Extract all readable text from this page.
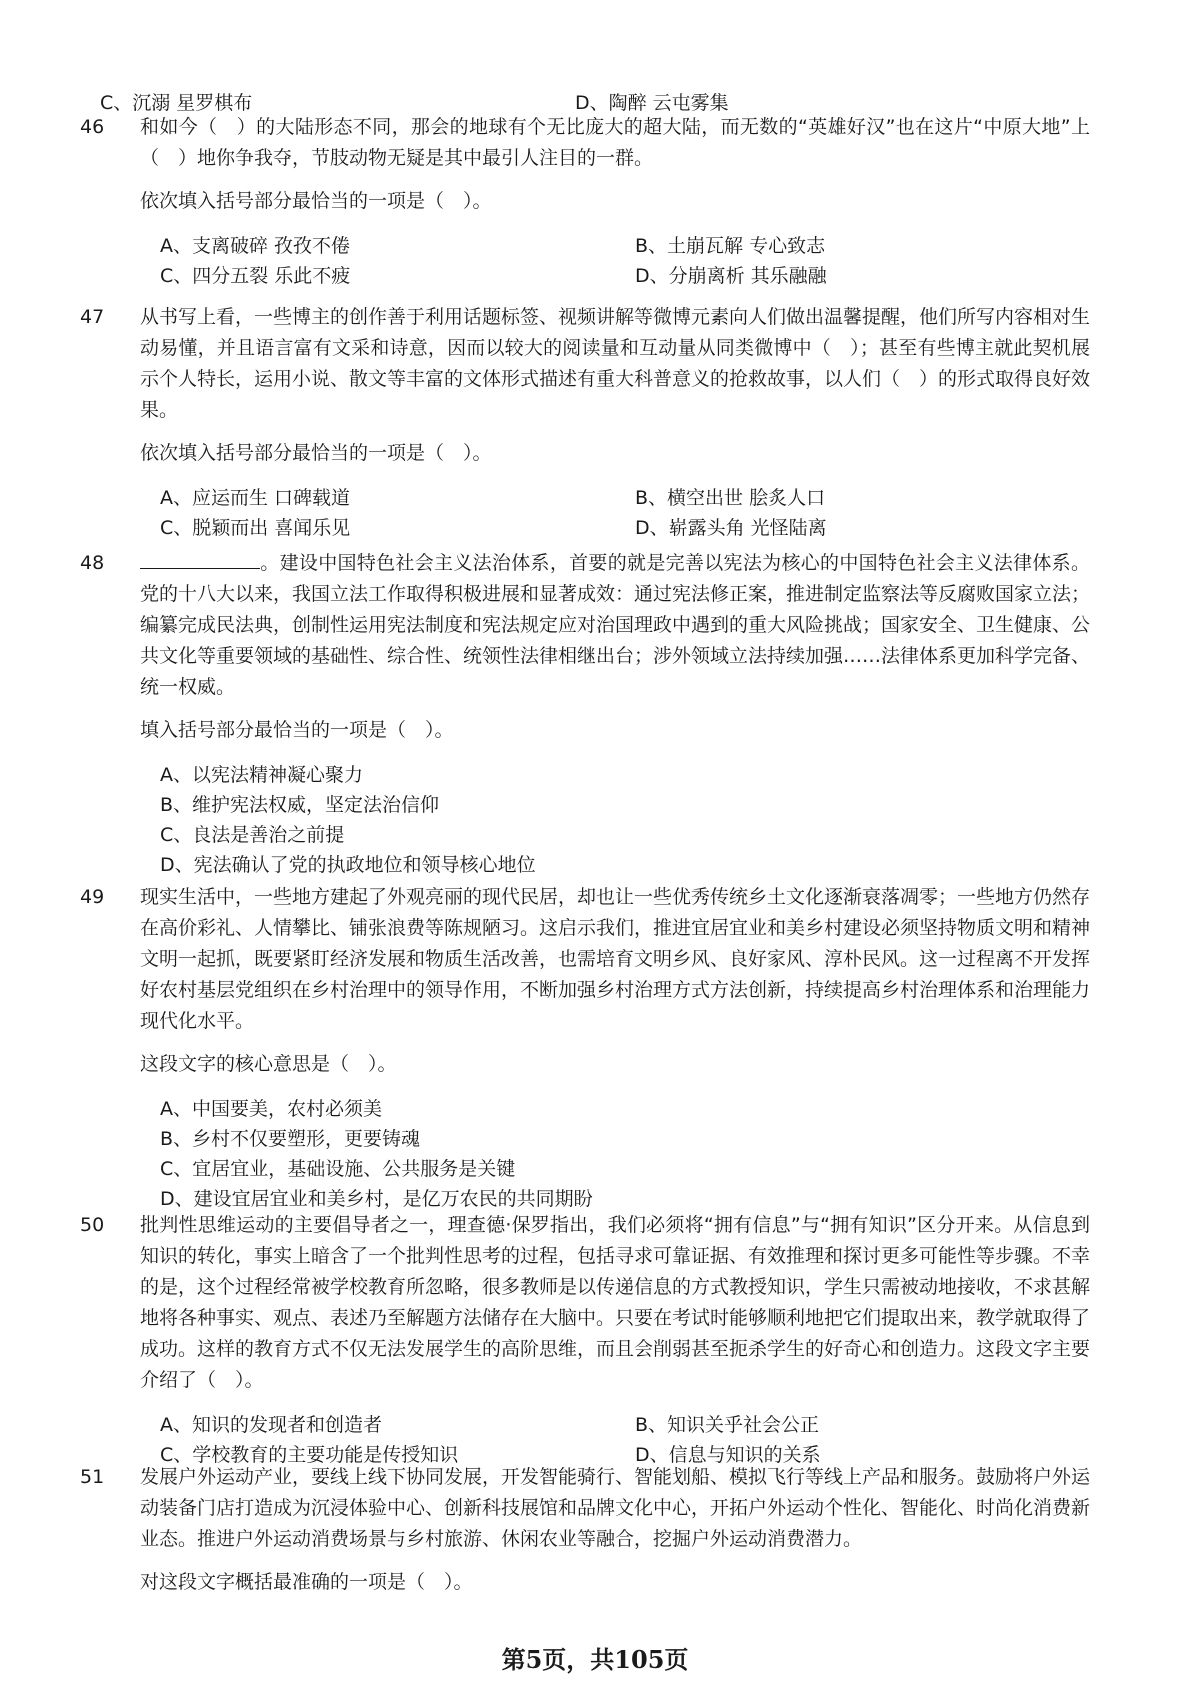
C、沉溺 星罗棋布	D、陶醉 云屯雾集
46	和如今（　）的大陆形态不同，那会的地球有个无比庞大的超大陆，而无数的“英雄好汉”也在这片“中原大地”上（　）地你争我夺，节肢动物无疑是其中最引人注目的一群。
依次填入括号部分最恰当的一项是（　）。
A、支离破碎 孜孜不倦	B、土崩瓦解 专心致志
C、四分五裂 乐此不疲	D、分崩离析 其乐融融
47	从书写上看，一些博主的创作善于利用话题标签、视频讲解等微博元素向人们做出温馨提醒，他们所写内容相对生动易懂，并且语言富有文采和诗意，因而以较大的阅读量和互动量从同类微博中（　）；甚至有些博主就此契机展示个人特长，运用小说、散文等丰富的文体形式描述有重大科普意义的抢救故事，以人们（　）的形式取得良好效果。
依次填入括号部分最恰当的一项是（　）。
A、应运而生 口碑载道	B、横空出世 脍炙人口
C、脱颖而出 喜闻乐见	D、崭露头角 光怪陆离
48	。建设中国特色社会主义法治体系，首要的就是完善以宪法为核心的中国特色社会主义法律体系。党的十八大以来，我国立法工作取得积极进展和显著成效：通过宪法修正案，推进制定监察法等反腐败国家立法；编纂完成民法典，创制性运用宪法制度和宪法规定应对治国理政中遇到的重大风险挑战；国家安全、卫生健康、公共文化等重要领域的基础性、综合性、统领性法律相继出台；涉外领域立法持续加强……法律体系更加科学完备、统一权威。
填入括号部分最恰当的一项是（　）。
A、以宪法精神凝心聚力
B、维护宪法权威，坚定法治信仰
C、良法是善治之前提
D、宪法确认了党的执政地位和领导核心地位
49	现实生活中，一些地方建起了外观亮丽的现代民居，却也让一些优秀传统乡土文化逐渐衰落凋零；一些地方仍然存在高价彩礼、人情攀比、铺张浪费等陈规陋习。这启示我们，推进宜居宜业和美乡村建设必须坚持物质文明和精神文明一起抓，既要紧盯经济发展和物质生活改善，也需培育文明乡风、良好家风、淳朴民风。这一过程离不开发挥好农村基层党组织在乡村治理中的领导作用，不断加强乡村治理方式方法创新，持续提高乡村治理体系和治理能力现代化水平。
这段文字的核心意思是（　）。
A、中国要美，农村必须美
B、乡村不仅要塑形，更要铸魂
C、宜居宜业，基础设施、公共服务是关键
D、建设宜居宜业和美乡村，是亿万农民的共同期盼
50	批判性思维运动的主要倡导者之一，理查德·保罗指出，我们必须将“拥有信息”与“拥有知识”区分开来。从信息到知识的转化，事实上暗含了一个批判性思考的过程，包括寻求可靠证据、有效推理和探讨更多可能性等步骤。不幸的是，这个过程经常被学校教育所忽略，很多教师是以传递信息的方式教授知识，学生只需被动地接收，不求甚解地将各种事实、观点、表述乃至解题方法储存在大脑中。只要在考试时能够顺利地把它们提取出来，教学就取得了成功。这样的教育方式不仅无法发展学生的高阶思维，而且会削弱甚至扼杀学生的好奇心和创造力。这段文字主要介绍了（　）。
A、知识的发现者和创造者	B、知识关乎社会公正
C、学校教育的主要功能是传授知识	D、信息与知识的关系
51	发展户外运动产业，要线上线下协同发展，开发智能骑行、智能划船、模拟飞行等线上产品和服务。鼓励将户外运动装备门店打造成为沉浸体验中心、创新科技展馆和品牌文化中心，开拓户外运动个性化、智能化、时尚化消费新业态。推进户外运动消费场景与乡村旅游、休闲农业等融合，挖掘户外运动消费潜力。
对这段文字概括最准确的一项是（　）。
第5页，共105页
